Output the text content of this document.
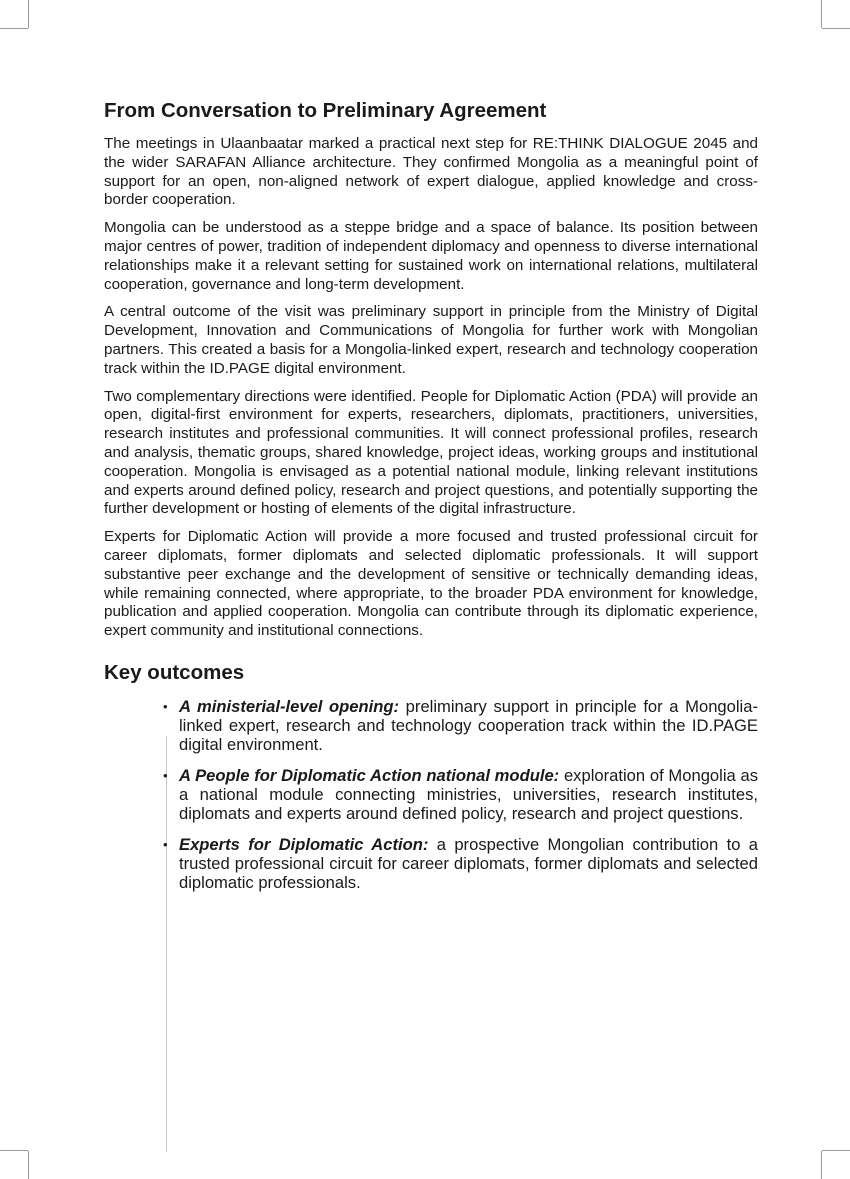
From Conversation to Preliminary Agreement

The meetings in Ulaanbaatar marked a practical next step for RE:THINK DIALOGUE 2045 and the wider SARAFAN Alliance architecture. They confirmed Mongolia as a meaningful point of support for an open, non-aligned network of expert dialogue, applied knowledge and cross-border cooperation.

Mongolia can be understood as a steppe bridge and a space of balance. Its position between major centres of power, tradition of independent diplomacy and openness to diverse international relationships make it a relevant setting for sustained work on international relations, multilateral cooperation, governance and long-term development.

A central outcome of the visit was preliminary support in principle from the Ministry of Digital Development, Innovation and Communications of Mongolia for further work with Mongolian partners. This created a basis for a Mongolia-linked expert, research and technology cooperation track within the ID.PAGE digital environment.

Two complementary directions were identified. People for Diplomatic Action (PDA) will provide an open, digital-first environment for experts, researchers, diplomats, practitioners, universities, research institutes and professional communities. It will connect professional profiles, research and analysis, thematic groups, shared knowledge, project ideas, working groups and institutional cooperation. Mongolia is envisaged as a potential national module, linking relevant institutions and experts around defined policy, research and project questions, and potentially supporting the further development or hosting of elements of the digital infrastructure.

Experts for Diplomatic Action will provide a more focused and trusted professional circuit for career diplomats, former diplomats and selected diplomatic professionals. It will support substantive peer exchange and the development of sensitive or technically demanding ideas, while remaining connected, where appropriate, to the broader PDA environment for knowledge, publication and applied cooperation. Mongolia can contribute through its diplomatic experience, expert community and institutional connections.

Key outcomes
• A ministerial-level opening: preliminary support in principle for a Mongolia-linked expert, research and technology cooperation track within the ID.PAGE digital environment.
• A People for Diplomatic Action national module: exploration of Mongolia as a national module connecting ministries, universities, research institutes, diplomats and experts around defined policy, research and project questions.
• Experts for Diplomatic Action: a prospective Mongolian contribution to a trusted professional circuit for career diplomats, former diplomats and selected diplomatic professionals.
